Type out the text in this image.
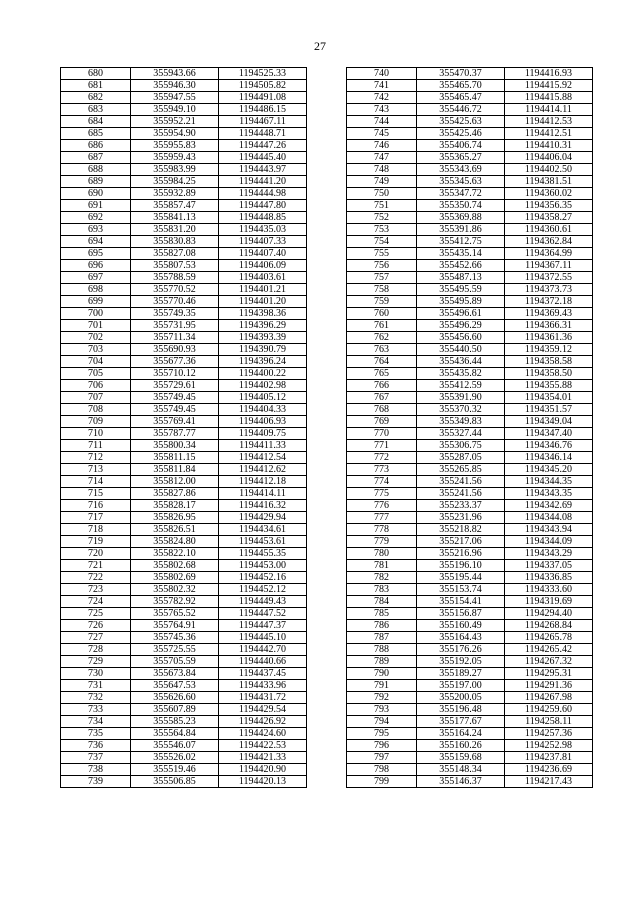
27
680	355943.66	1194525.33
681	355946.30	1194505.82
682	355947.55	1194491.08
683	355949.10	1194486.15
684	355952.21	1194467.11
685	355954.90	1194448.71
686	355955.83	1194447.26
687	355959.43	1194445.40
688	355983.99	1194443.97
689	355984.25	1194441.20
690	355932.89	1194444.98
691	355857.47	1194447.80
692	355841.13	1194448.85
693	355831.20	1194435.03
694	355830.83	1194407.33
695	355827.08	1194407.40
696	355807.53	1194406.09
697	355788.59	1194403.61
698	355770.52	1194401.21
699	355770.46	1194401.20
700	355749.35	1194398.36
701	355731.95	1194396.29
702	355711.34	1194393.39
703	355690.93	1194390.79
704	355677.36	1194396.24
705	355710.12	1194400.22
706	355729.61	1194402.98
707	355749.45	1194405.12
708	355749.45	1194404.33
709	355769.41	1194406.93
710	355787.77	1194409.75
711	355800.34	1194411.33
712	355811.15	1194412.54
713	355811.84	1194412.62
714	355812.00	1194412.18
715	355827.86	1194414.11
716	355828.17	1194416.32
717	355826.95	1194429.94
718	355826.51	1194434.61
719	355824.80	1194453.61
720	355822.10	1194455.35
721	355802.68	1194453.00
722	355802.69	1194452.16
723	355802.32	1194452.12
724	355782.92	1194449.43
725	355765.52	1194447.52
726	355764.91	1194447.37
727	355745.36	1194445.10
728	355725.55	1194442.70
729	355705.59	1194440.66
730	355673.84	1194437.45
731	355647.53	1194433.96
732	355626.60	1194431.72
733	355607.89	1194429.54
734	355585.23	1194426.92
735	355564.84	1194424.60
736	355546.07	1194422.53
737	355526.02	1194421.33
738	355519.46	1194420.90
739	355506.85	1194420.13
740	355470.37	1194416.93
741	355465.70	1194415.92
742	355465.47	1194415.88
743	355446.72	1194414.11
744	355425.63	1194412.53
745	355425.46	1194412.51
746	355406.74	1194410.31
747	355365.27	1194406.04
748	355343.69	1194402.50
749	355345.63	1194381.51
750	355347.72	1194360.02
751	355350.74	1194356.35
752	355369.88	1194358.27
753	355391.86	1194360.61
754	355412.75	1194362.84
755	355435.14	1194364.99
756	355452.66	1194367.11
757	355487.13	1194372.55
758	355495.59	1194373.73
759	355495.89	1194372.18
760	355496.61	1194369.43
761	355496.29	1194366.31
762	355456.60	1194361.36
763	355440.50	1194359.12
764	355436.44	1194358.58
765	355435.82	1194358.50
766	355412.59	1194355.88
767	355391.90	1194354.01
768	355370.32	1194351.57
769	355349.83	1194349.04
770	355327.44	1194347.40
771	355306.75	1194346.76
772	355287.05	1194346.14
773	355265.85	1194345.20
774	355241.56	1194344.35
775	355241.56	1194343.35
776	355233.37	1194342.69
777	355231.96	1194344.08
778	355218.82	1194343.94
779	355217.06	1194344.09
780	355216.96	1194343.29
781	355196.10	1194337.05
782	355195.44	1194336.85
783	355153.74	1194333.60
784	355154.41	1194319.69
785	355156.87	1194294.40
786	355160.49	1194268.84
787	355164.43	1194265.78
788	355176.26	1194265.42
789	355192.05	1194267.32
790	355189.27	1194295.31
791	355197.00	1194291.36
792	355200.05	1194267.98
793	355196.48	1194259.60
794	355177.67	1194258.11
795	355164.24	1194257.36
796	355160.26	1194252.98
797	355159.68	1194237.81
798	355148.34	1194236.69
799	355146.37	1194217.43
